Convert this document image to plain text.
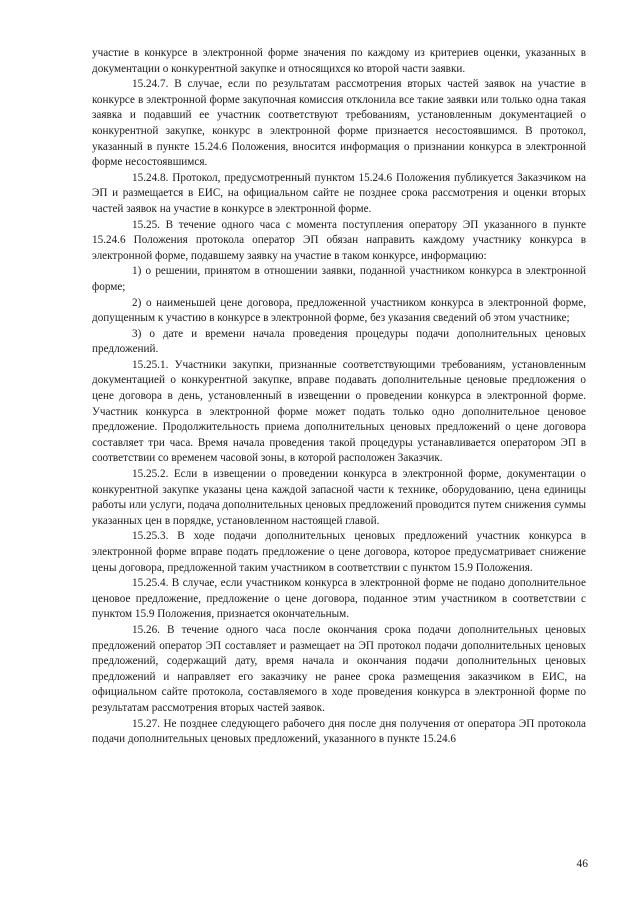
участие в конкурсе в электронной форме значения по каждому из критериев оценки, указанных в документации о конкурентной закупке и относящихся ко второй части заявки.

15.24.7. В случае, если по результатам рассмотрения вторых частей заявок на участие в конкурсе в электронной форме закупочная комиссия отклонила все такие заявки или только одна такая заявка и подавший ее участник соответствуют требованиям, установленным документацией о конкурентной закупке, конкурс в электронной форме признается несостоявшимся. В протокол, указанный в пункте 15.24.6 Положения, вносится информация о признании конкурса в электронной форме несостоявшимся.

15.24.8. Протокол, предусмотренный пунктом 15.24.6 Положения публикуется Заказчиком на ЭП и размещается в ЕИС, на официальном сайте не позднее срока рассмотрения и оценки вторых частей заявок на участие в конкурсе в электронной форме.

15.25. В течение одного часа с момента поступления оператору ЭП указанного в пункте 15.24.6 Положения протокола оператор ЭП обязан направить каждому участнику конкурса в электронной форме, подавшему заявку на участие в таком конкурсе, информацию:

1) о решении, принятом в отношении заявки, поданной участником конкурса в электронной форме;

2) о наименьшей цене договора, предложенной участником конкурса в электронной форме, допущенным к участию в конкурсе в электронной форме, без указания сведений об этом участнике;

3) о дате и времени начала проведения процедуры подачи дополнительных ценовых предложений.

15.25.1. Участники закупки, признанные соответствующими требованиям, установленным документацией о конкурентной закупке, вправе подавать дополнительные ценовые предложения о цене договора в день, установленный в извещении о проведении конкурса в электронной форме. Участник конкурса в электронной форме может подать только одно дополнительное ценовое предложение. Продолжительность приема дополнительных ценовых предложений о цене договора составляет три часа. Время начала проведения такой процедуры устанавливается оператором ЭП в соответствии со временем часовой зоны, в которой расположен Заказчик.

15.25.2. Если в извещении о проведении конкурса в электронной форме, документации о конкурентной закупке указаны цена каждой запасной части к технике, оборудованию, цена единицы работы или услуги, подача дополнительных ценовых предложений проводится путем снижения суммы указанных цен в порядке, установленном настоящей главой.

15.25.3. В ходе подачи дополнительных ценовых предложений участник конкурса в электронной форме вправе подать предложение о цене договора, которое предусматривает снижение цены договора, предложенной таким участником в соответствии с пунктом 15.9 Положения.

15.25.4. В случае, если участником конкурса в электронной форме не подано дополнительное ценовое предложение, предложение о цене договора, поданное этим участником в соответствии с пунктом 15.9 Положения, признается окончательным.

15.26. В течение одного часа после окончания срока подачи дополнительных ценовых предложений оператор ЭП составляет и размещает на ЭП протокол подачи дополнительных ценовых предложений, содержащий дату, время начала и окончания подачи дополнительных ценовых предложений и направляет его заказчику не ранее срока размещения заказчиком в ЕИС, на официальном сайте протокола, составляемого в ходе проведения конкурса в электронной форме по результатам рассмотрения вторых частей заявок.

15.27. Не позднее следующего рабочего дня после дня получения от оператора ЭП протокола подачи дополнительных ценовых предложений, указанного в пункте 15.24.6

46
